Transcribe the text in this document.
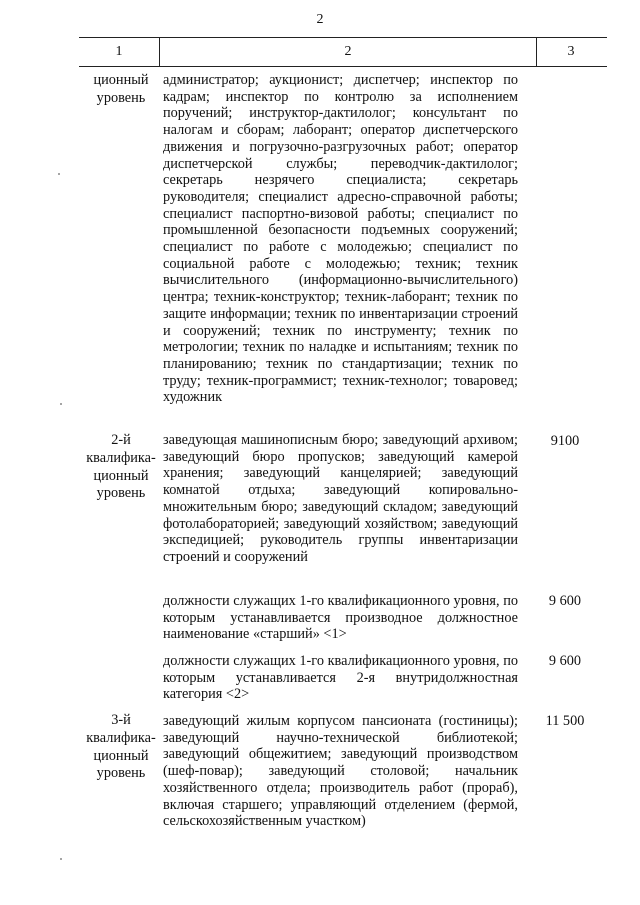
2
1	2	3
ционный
уровень
администратор; аукционист; диспетчер; инспектор по кадрам; инспектор по контролю за исполнением поручений; инструктор-дактилолог; консультант по налогам и сборам; лаборант; оператор диспетчерского движения и погрузочно-разгрузочных работ; оператор диспетчерской службы; переводчик-дактилолог; секретарь незрячего специалиста; секретарь руководителя; специалист адресно-справочной работы; специалист паспортно-визовой работы; специалист по промышленной безопасности подъемных сооружений; специалист по работе с молодежью; специалист по социальной работе с молодежью; техник; техник вычислительного (информационно-вычислительного) центра; техник-конструктор; техник-лаборант; техник по защите информации; техник по инвентаризации строений и сооружений; техник по инструменту; техник по метрологии; техник по наладке и испытаниям; техник по планированию; техник по стандартизации; техник по труду; техник-программист; техник-технолог; товаровед; художник
2-й
квалифика-
ционный
уровень
заведующая машинописным бюро; заведующий архивом; заведующий бюро пропусков; заведующий камерой хранения; заведующий канцелярией; заведующий комнатой отдыха; заведующий копировально-множительным бюро; заведующий складом; заведующий фотолабораторией; заведующий хозяйством; заведующий экспедицией; руководитель группы инвентаризации строений и сооружений
9100
должности служащих 1-го квалификационного уровня, по которым устанавливается производное должностное наименование «старший» <1>
9 600
должности служащих 1-го квалификационного уровня, по которым устанавливается 2-я внутридолжностная категория <2>
9 600
3-й
квалифика-
ционный
уровень
заведующий жилым корпусом пансионата (гостиницы); заведующий научно-технической библиотекой; заведующий общежитием; заведующий производством (шеф-повар); заведующий столовой; начальник хозяйственного отдела; производитель работ (прораб), включая старшего; управляющий отделением (фермой, сельскохозяйственным участком)
11 500
